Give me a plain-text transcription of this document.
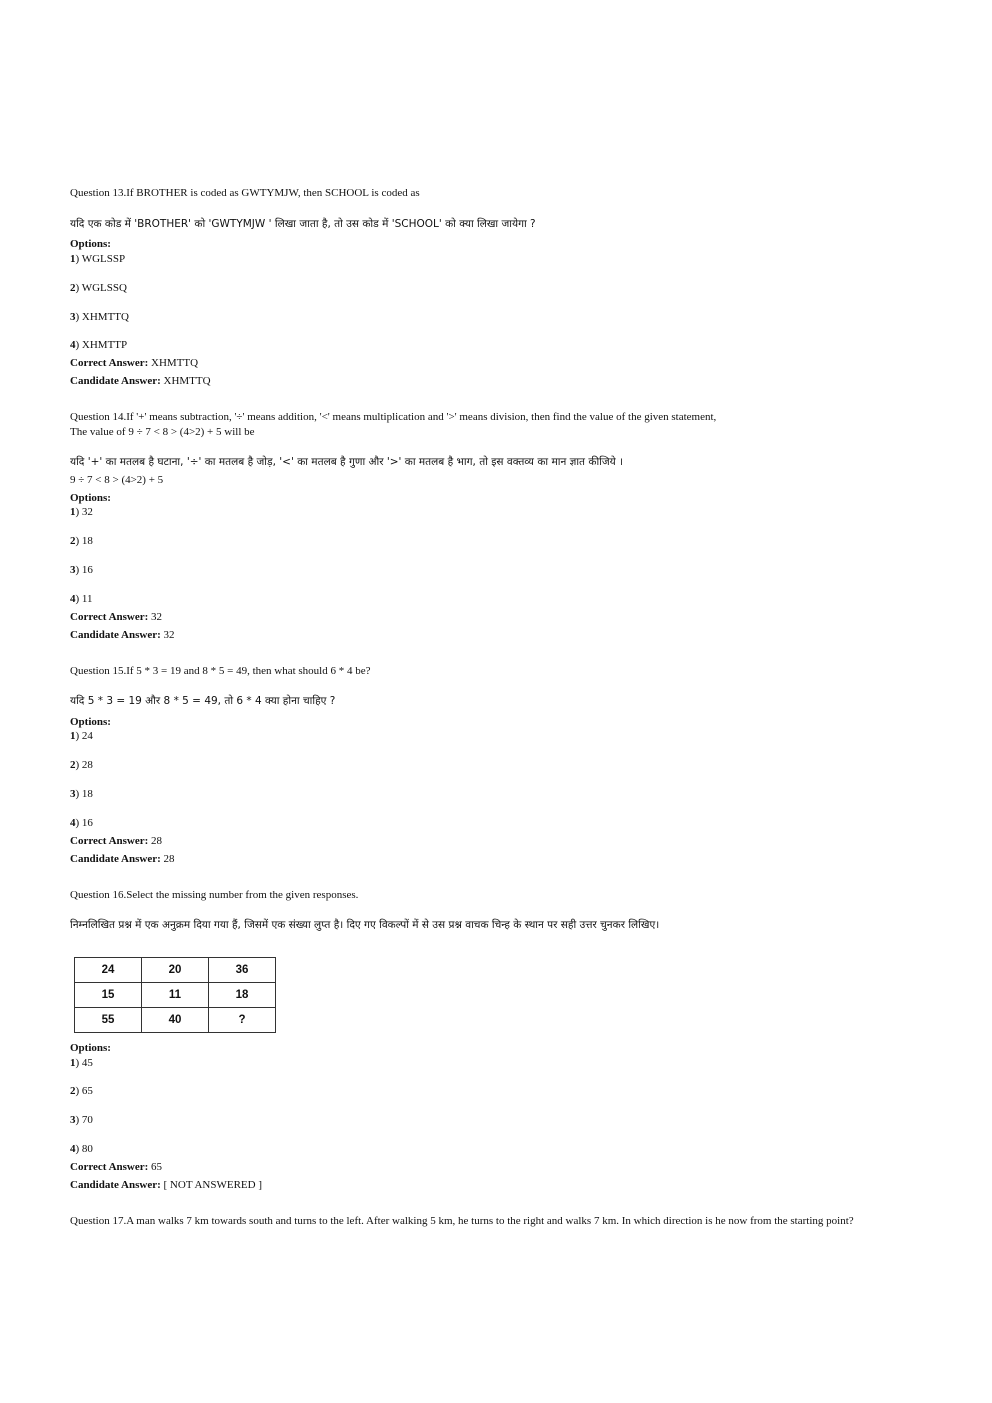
Question 13.If BROTHER is coded as GWTYMJW, then SCHOOL is coded as
यदि एक कोड में 'BROTHER' को 'GWTYMJW ' लिखा जाता है, तो उस कोड में 'SCHOOL' को क्या लिखा जायेगा ?
Options:
1) WGLSSP
2) WGLSSQ
3) XHMTTQ
4) XHMTTP
Correct Answer: XHMTTQ
Candidate Answer: XHMTTQ
Question 14.If '+' means subtraction, '÷' means addition, '<' means multiplication and '>' means division, then find the value of the given statement,
The value of 9 ÷ 7 < 8 > (4>2) + 5 will be
यदि '+' का मतलब है घटाना, '÷' का मतलब है जोड़, '<' का मतलब है गुणा और '>' का मतलब है भाग, तो इस वक्तव्य का मान ज्ञात कीजिये ।
9 ÷ 7 < 8 > (4>2) + 5
Options:
1) 32
2) 18
3) 16
4) 11
Correct Answer: 32
Candidate Answer: 32
Question 15.If 5 * 3 = 19 and 8 * 5 = 49, then what should 6 * 4 be?
यदि 5 * 3 = 19 और 8 * 5 = 49, तो 6 * 4 क्या होना चाहिए ?
Options:
1) 24
2) 28
3) 18
4) 16
Correct Answer: 28
Candidate Answer: 28
Question 16.Select the missing number from the given responses.
निम्नलिखित प्रश्न में एक अनुक्रम दिया गया हैं, जिसमें एक संख्या लुप्त है। दिए गए विकल्पों में से उस प्रश्न वाचक चिन्ह के स्थान पर सही उत्तर चुनकर लिखिए।
24	20	36
15	11	18
55	40	?
Options:
1) 45
2) 65
3) 70
4) 80
Correct Answer: 65
Candidate Answer: [ NOT ANSWERED ]
Question 17.A man walks 7 km towards south and turns to the left. After walking 5 km, he turns to the right and walks 7 km. In which direction is he now from the starting point?
